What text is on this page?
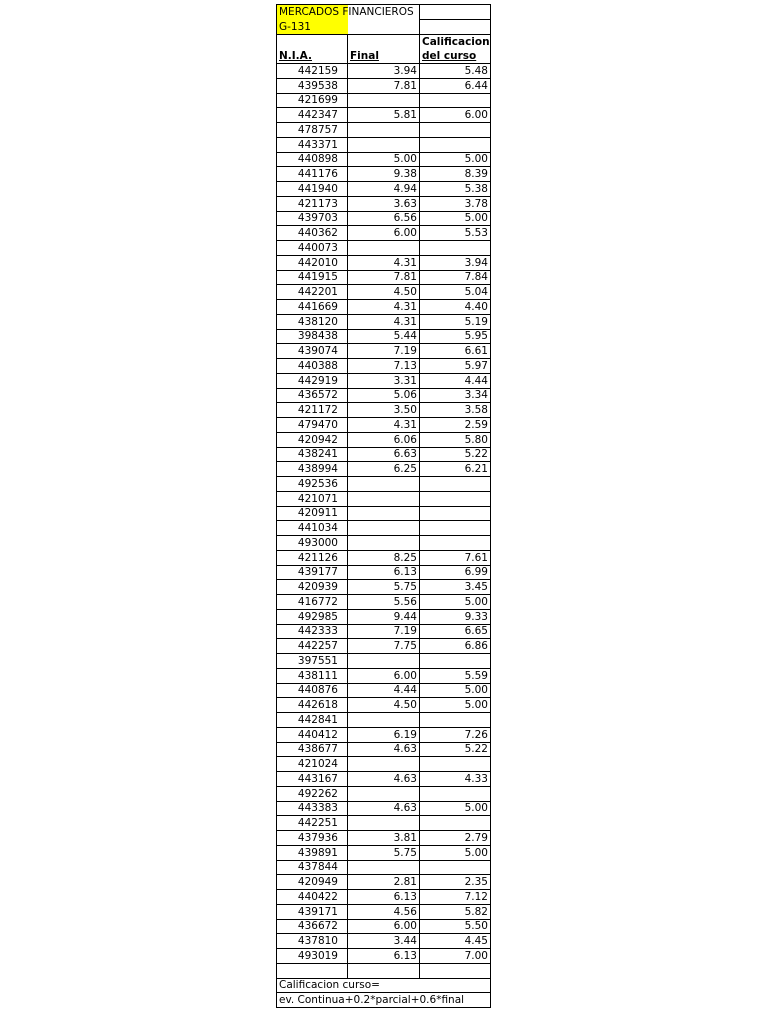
MERCADOS FINANCIEROS		
G-131		
		Calificacion
N.I.A.	Final	del curso
442159	3.94	5.48
439538	7.81	6.44
421699		
442347	5.81	6.00
478757		
443371		
440898	5.00	5.00
441176	9.38	8.39
441940	4.94	5.38
421173	3.63	3.78
439703	6.56	5.00
440362	6.00	5.53
440073		
442010	4.31	3.94
441915	7.81	7.84
442201	4.50	5.04
441669	4.31	4.40
438120	4.31	5.19
398438	5.44	5.95
439074	7.19	6.61
440388	7.13	5.97
442919	3.31	4.44
436572	5.06	3.34
421172	3.50	3.58
479470	4.31	2.59
420942	6.06	5.80
438241	6.63	5.22
438994	6.25	6.21
492536		
421071		
420911		
441034		
493000		
421126	8.25	7.61
439177	6.13	6.99
420939	5.75	3.45
416772	5.56	5.00
492985	9.44	9.33
442333	7.19	6.65
442257	7.75	6.86
397551		
438111	6.00	5.59
440876	4.44	5.00
442618	4.50	5.00
442841		
440412	6.19	7.26
438677	4.63	5.22
421024		
443167	4.63	4.33
492262		
443383	4.63	5.00
442251		
437936	3.81	2.79
439891	5.75	5.00
437844		
420949	2.81	2.35
440422	6.13	7.12
439171	4.56	5.82
436672	6.00	5.50
437810	3.44	4.45
493019	6.13	7.00

Calificacion curso=		
ev. Continua+0.2*parcial+0.6*final		
